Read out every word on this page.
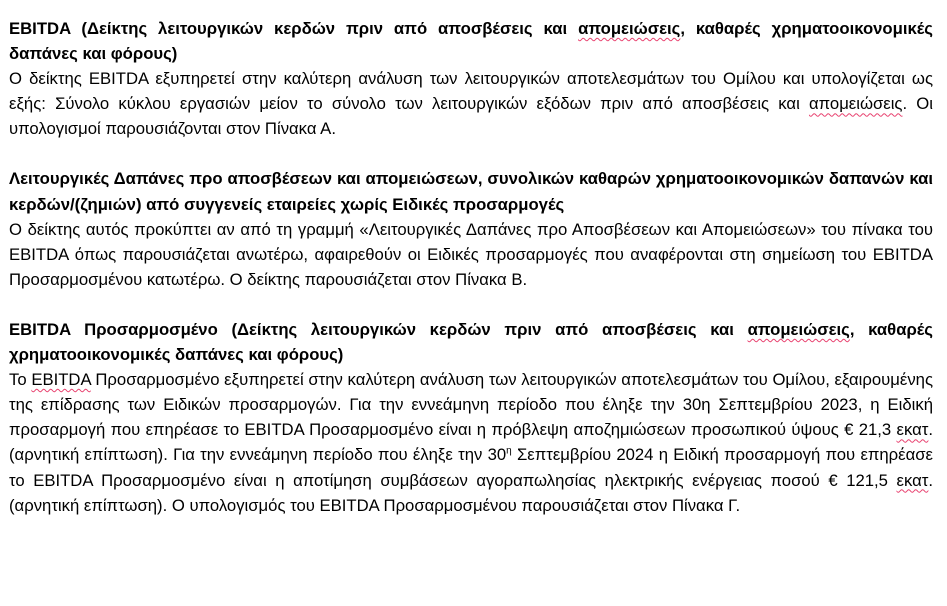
EBITDA (Δείκτης λειτουργικών κερδών πριν από αποσβέσεις και απομειώσεις, καθαρές χρηματοοικονομικές δαπάνες και φόρους)

Ο δείκτης EBITDA εξυπηρετεί στην καλύτερη ανάλυση των λειτουργικών αποτελεσμάτων του Ομίλου και υπολογίζεται ως εξής: Σύνολο κύκλου εργασιών μείον το σύνολο των λειτουργικών εξόδων πριν από αποσβέσεις και απομειώσεις. Οι υπολογισμοί παρουσιάζονται στον Πίνακα Α.

Λειτουργικές Δαπάνες προ αποσβέσεων και απομειώσεων, συνολικών καθαρών χρηματοοικονομικών δαπανών και κερδών/(ζημιών) από συγγενείς εταιρείες χωρίς Ειδικές προσαρμογές

Ο δείκτης αυτός προκύπτει αν από τη γραμμή «Λειτουργικές Δαπάνες προ Αποσβέσεων και Απομειώσεων» του πίνακα του EBITDA όπως παρουσιάζεται ανωτέρω, αφαιρεθούν οι Ειδικές προσαρμογές που αναφέρονται στη σημείωση του EBITDA Προσαρμοσμένου κατωτέρω. Ο δείκτης παρουσιάζεται στον Πίνακα Β.

EBITDA Προσαρμοσμένο (Δείκτης λειτουργικών κερδών πριν από αποσβέσεις και απομειώσεις, καθαρές χρηματοοικονομικές δαπάνες και φόρους)

Το EBITDA Προσαρμοσμένο εξυπηρετεί στην καλύτερη ανάλυση των λειτουργικών αποτελεσμάτων του Ομίλου, εξαιρουμένης της επίδρασης των Ειδικών προσαρμογών. Για την εννεάμηνη περίοδο που έληξε την 30η Σεπτεμβρίου 2023, η Ειδική προσαρμογή που επηρέασε το EBITDA Προσαρμοσμένο είναι η πρόβλεψη αποζημιώσεων προσωπικού ύψους € 21,3 εκατ. (αρνητική επίπτωση). Για την εννεάμηνη περίοδο που έληξε την $30^\eta$ Σεπτεμβρίου 2024 η Ειδική προσαρμογή που επηρέασε το EBITDA Προσαρμοσμένο είναι η αποτίμηση συμβάσεων αγοραπωλησίας ηλεκτρικής ενέργειας ποσού € 121,5 εκατ. (αρνητική επίπτωση). Ο υπολογισμός του EBITDA Προσαρμοσμένου παρουσιάζεται στον Πίνακα Γ.
